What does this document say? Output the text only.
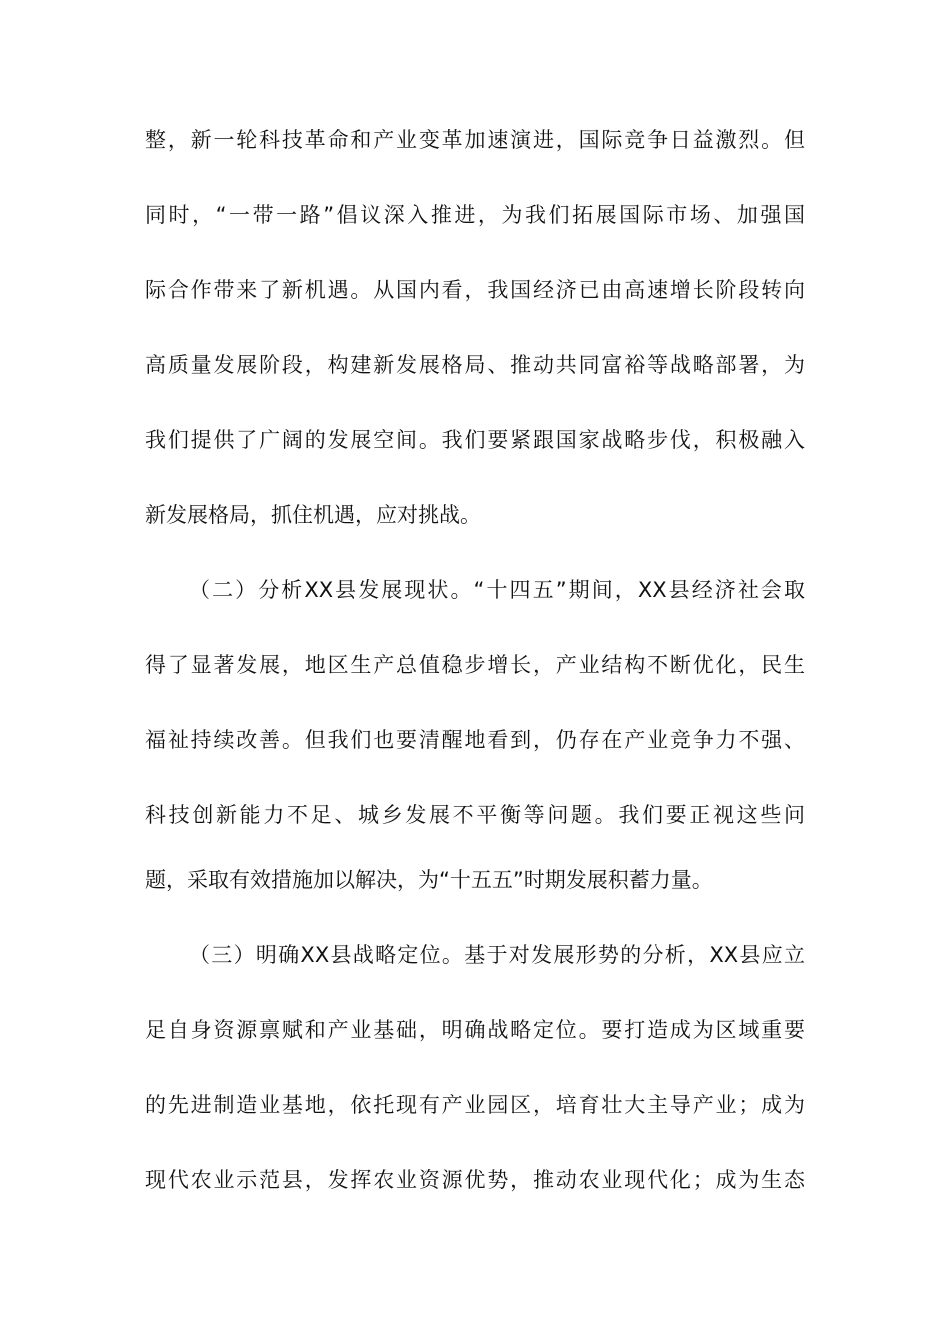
整，新一轮科技革命和产业变革加速演进，国际竞争日益激烈。但
同时，“一带一路”倡议深入推进，为我们拓展国际市场、加强国
际合作带来了新机遇。从国内看，我国经济已由高速增长阶段转向
高质量发展阶段，构建新发展格局、推动共同富裕等战略部署，为
我们提供了广阔的发展空间。我们要紧跟国家战略步伐，积极融入
新发展格局，抓住机遇，应对挑战。
（二）分析XX县发展现状。“十四五”期间，XX县经济社会取
得了显著发展，地区生产总值稳步增长，产业结构不断优化，民生
福祉持续改善。但我们也要清醒地看到，仍存在产业竞争力不强、
科技创新能力不足、城乡发展不平衡等问题。我们要正视这些问
题，采取有效措施加以解决，为“十五五”时期发展积蓄力量。
（三）明确XX县战略定位。基于对发展形势的分析，XX县应立
足自身资源禀赋和产业基础，明确战略定位。要打造成为区域重要
的先进制造业基地，依托现有产业园区，培育壮大主导产业；成为
现代农业示范县，发挥农业资源优势，推动农业现代化；成为生态
